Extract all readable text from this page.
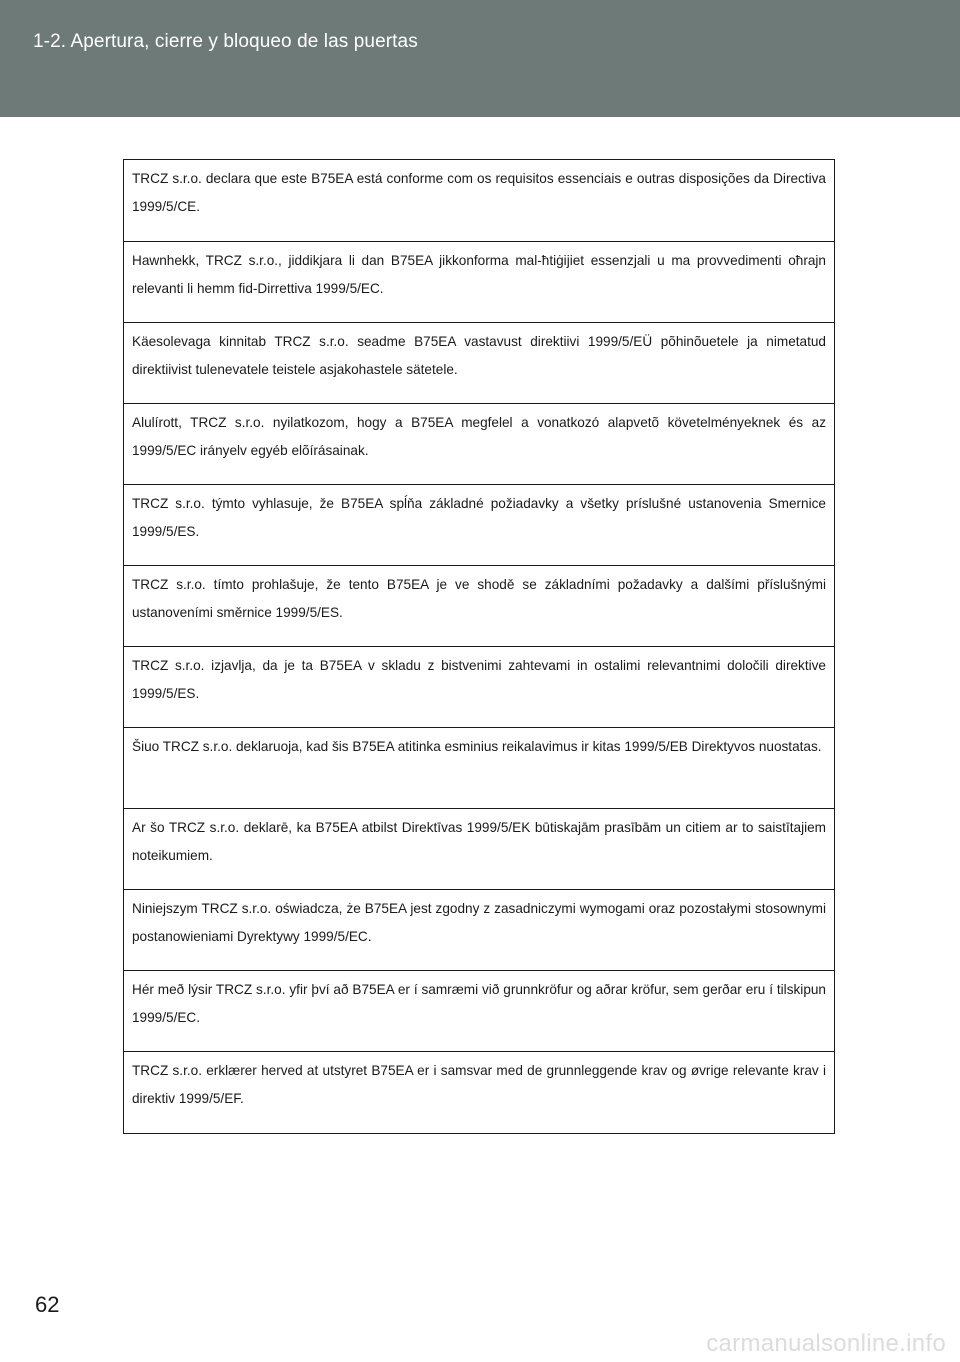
1-2. Apertura, cierre y bloqueo de las puertas

TRCZ s.r.o. declara que este B75EA está conforme com os requisitos essenciais e outras disposições da Directiva 1999/5/CE.

Hawnhekk, TRCZ s.r.o., jiddikjara li dan B75EA jikkonforma mal-ħtiġijiet essenzjali u ma provvedimenti oħrajn relevanti li hemm fid-Dirrettiva 1999/5/EC.

Käesolevaga kinnitab TRCZ s.r.o. seadme B75EA vastavust direktiivi 1999/5/EÜ põhinõuetele ja nimetatud direktiivist tulenevatele teistele asjakohastele sätetele.

Alulírott, TRCZ s.r.o. nyilatkozom, hogy a B75EA megfelel a vonatkozó alapvetõ követelményeknek és az 1999/5/EC irányelv egyéb elõírásainak.

TRCZ s.r.o. týmto vyhlasuje, že B75EA spĺňa základné požiadavky a všetky príslušné ustanovenia Smernice 1999/5/ES.

TRCZ s.r.o. tímto prohlašuje, že tento B75EA je ve shodě se základními požadavky a dalšími příslušnými ustanoveními směrnice 1999/5/ES.

TRCZ s.r.o. izjavlja, da je ta B75EA v skladu z bistvenimi zahtevami in ostalimi relevantnimi določili direktive 1999/5/ES.

Šiuo TRCZ s.r.o. deklaruoja, kad šis B75EA atitinka esminius reikalavimus ir kitas 1999/5/EB Direktyvos nuostatas.

Ar šo TRCZ s.r.o. deklarē, ka B75EA atbilst Direktīvas 1999/5/EK būtiskajām prasībām un citiem ar to saistītajiem noteikumiem.

Niniejszym TRCZ s.r.o. oświadcza, że B75EA jest zgodny z zasadniczymi wymogami oraz pozostałymi stosownymi postanowieniami Dyrektywy 1999/5/EC.

Hér með lýsir TRCZ s.r.o. yfir því að B75EA er í samræmi við grunnkröfur og aðrar kröfur, sem gerðar eru í tilskipun 1999/5/EC.

TRCZ s.r.o. erklærer herved at utstyret B75EA er i samsvar med de grunnleggende krav og øvrige relevante krav i direktiv 1999/5/EF.

62
carmanualsonline.info
